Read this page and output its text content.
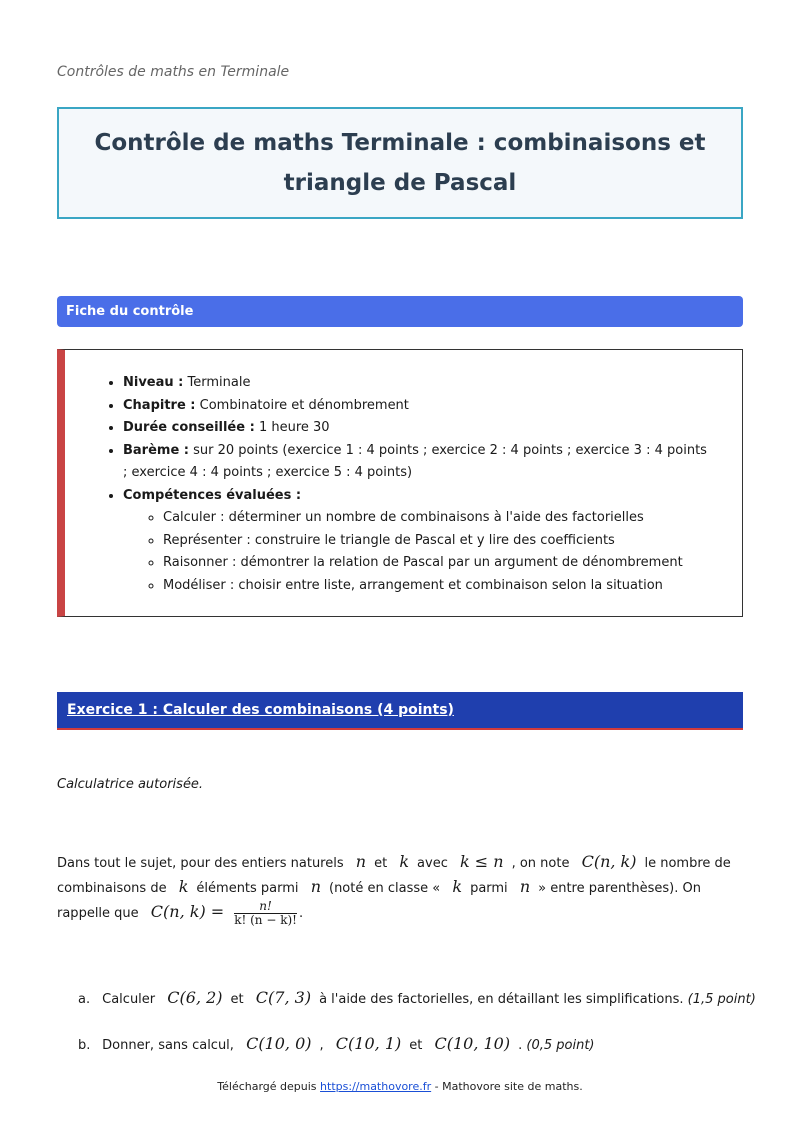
Contrôles de maths en Terminale
Contrôle de maths Terminale : combinaisons et triangle de Pascal
Fiche du contrôle
• Niveau : Terminale
• Chapitre : Combinatoire et dénombrement
• Durée conseillée : 1 heure 30
• Barème : sur 20 points (exercice 1 : 4 points ; exercice 2 : 4 points ; exercice 3 : 4 points ; exercice 4 : 4 points ; exercice 5 : 4 points)
• Compétences évaluées :
◦ Calculer : déterminer un nombre de combinaisons à l'aide des factorielles
◦ Représenter : construire le triangle de Pascal et y lire des coefficients
◦ Raisonner : démontrer la relation de Pascal par un argument de dénombrement
◦ Modéliser : choisir entre liste, arrangement et combinaison selon la situation
Exercice 1 : Calculer des combinaisons (4 points)
Calculatrice autorisée.
Dans tout le sujet, pour des entiers naturels n et k avec k ≤ n , on note C(n, k) le nombre de combinaisons de k éléments parmi n (noté en classe « k parmi n » entre parenthèses). On rappelle que C(n, $k) = \frac{n!}{k! (n - k)!}$ .
a. Calculer C(6, 2) et C(7, 3) à l'aide des factorielles, en détaillant les simplifications. (1,5 point)
b. Donner, sans calcul, C(10, 0) , C(10, 1) et C(10, 10) . (0,5 point)
Téléchargé depuis https://mathovore.fr - Mathovore site de maths.
